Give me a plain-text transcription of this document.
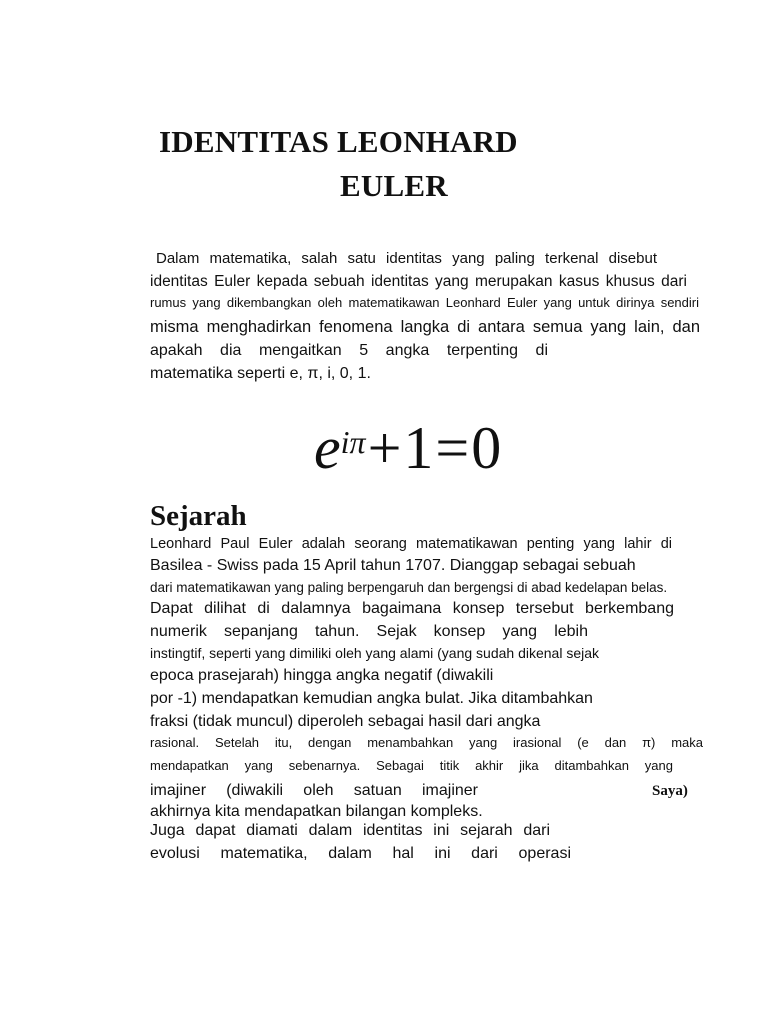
IDENTITAS LEONHARD
EULER
Dalam matematika, salah satu identitas yang paling terkenal disebut
identitas Euler kepada sebuah identitas yang merupakan kasus khusus dari
rumus yang dikembangkan oleh matematikawan Leonhard Euler yang untuk dirinya sendiri
misma menghadirkan fenomena langka di antara semua yang lain, dan
apakah dia mengaitkan 5 angka terpenting di
matematika seperti e, π, i, 0, 1.
$e^{i\pi}+1=0$
Sejarah
Leonhard Paul Euler adalah seorang matematikawan penting yang lahir di
Basilea - Swiss pada 15 April tahun 1707. Dianggap sebagai sebuah
dari matematikawan yang paling berpengaruh dan bergengsi di abad kedelapan belas.
Dapat dilihat di dalamnya bagaimana konsep tersebut berkembang
numerik sepanjang tahun. Sejak konsep yang lebih
instingtif, seperti yang dimiliki oleh yang alami (yang sudah dikenal sejak
epoca prasejarah) hingga angka negatif (diwakili
por -1) mendapatkan kemudian angka bulat. Jika ditambahkan
fraksi (tidak muncul) diperoleh sebagai hasil dari angka
rasional. Setelah itu, dengan menambahkan yang irasional (e dan π) maka
mendapatkan yang sebenarnya. Sebagai titik akhir jika ditambahkan yang
imajiner (diwakili oleh satuan imajiner	Saya)
akhirnya kita mendapatkan bilangan kompleks.
Juga dapat diamati dalam identitas ini sejarah dari
evolusi matematika, dalam hal ini dari operasi
